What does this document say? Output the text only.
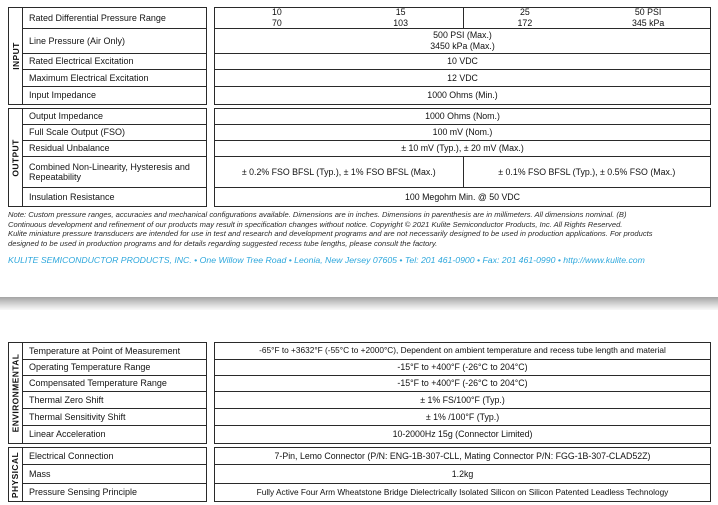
INPUT
Rated Differential Pressure Range
Line Pressure (Air Only)
Rated Electrical Excitation
Maximum Electrical Excitation
Input Impedance
10
70
15
103
25
172
50 PSI
345 kPa
500 PSI (Max.)
3450 kPa (Max.)
10 VDC
12 VDC
1000 Ohms (Min.)
OUTPUT
Output Impedance
Full Scale Output (FSO)
Residual Unbalance
Combined Non-Linearity, Hysteresis and Repeatability
Insulation Resistance
1000 Ohms (Nom.)
100 mV (Nom.)
± 10 mV (Typ.), ± 20 mV (Max.)
± 0.2% FSO BFSL (Typ.), ± 1% FSO BFSL (Max.)	± 0.1% FSO BFSL (Typ.), ± 0.5% FSO (Max.)
100 Megohm Min. @ 50 VDC
Note: Custom pressure ranges, accuracies and mechanical configurations available. Dimensions are in inches. Dimensions in parenthesis are in millimeters. All dimensions nominal. (B)
Continuous development and refinement of our products may result in specification changes without notice. Copyright © 2021 Kulite Semiconductor Products, Inc. All Rights Reserved.
Kulite miniature pressure transducers are intended for use in test and research and development programs and are not necessarily designed to be used in production applications. For products
designed to be used in production programs and for details regarding suggested recess tube lengths, please consult the factory.
KULITE SEMICONDUCTOR PRODUCTS, INC. • One Willow Tree Road • Leonia, New Jersey 07605 • Tel: 201 461-0900 • Fax: 201 461-0990 • http://www.kulite.com
ENVIRONMENTAL
Temperature at Point of Measurement
Operating Temperature Range
Compensated Temperature Range
Thermal Zero Shift
Thermal Sensitivity Shift
Linear Acceleration
-65°F to +3632°F (-55°C to +2000°C), Dependent on ambient temperature and recess tube length and material
-15°F to +400°F (-26°C to 204°C)
-15°F to +400°F (-26°C to 204°C)
± 1% FS/100°F (Typ.)
± 1% /100°F (Typ.)
10-2000Hz 15g (Connector Limited)
PHYSICAL Electrical Connection
Mass
Pressure Sensing Principle
7-Pin, Lemo Connector (P/N: ENG-1B-307-CLL, Mating Connector P/N: FGG-1B-307-CLAD52Z)
1.2kg
Fully Active Four Arm Wheatstone Bridge Dielectrically Isolated Silicon on Silicon Patented Leadless Technology
